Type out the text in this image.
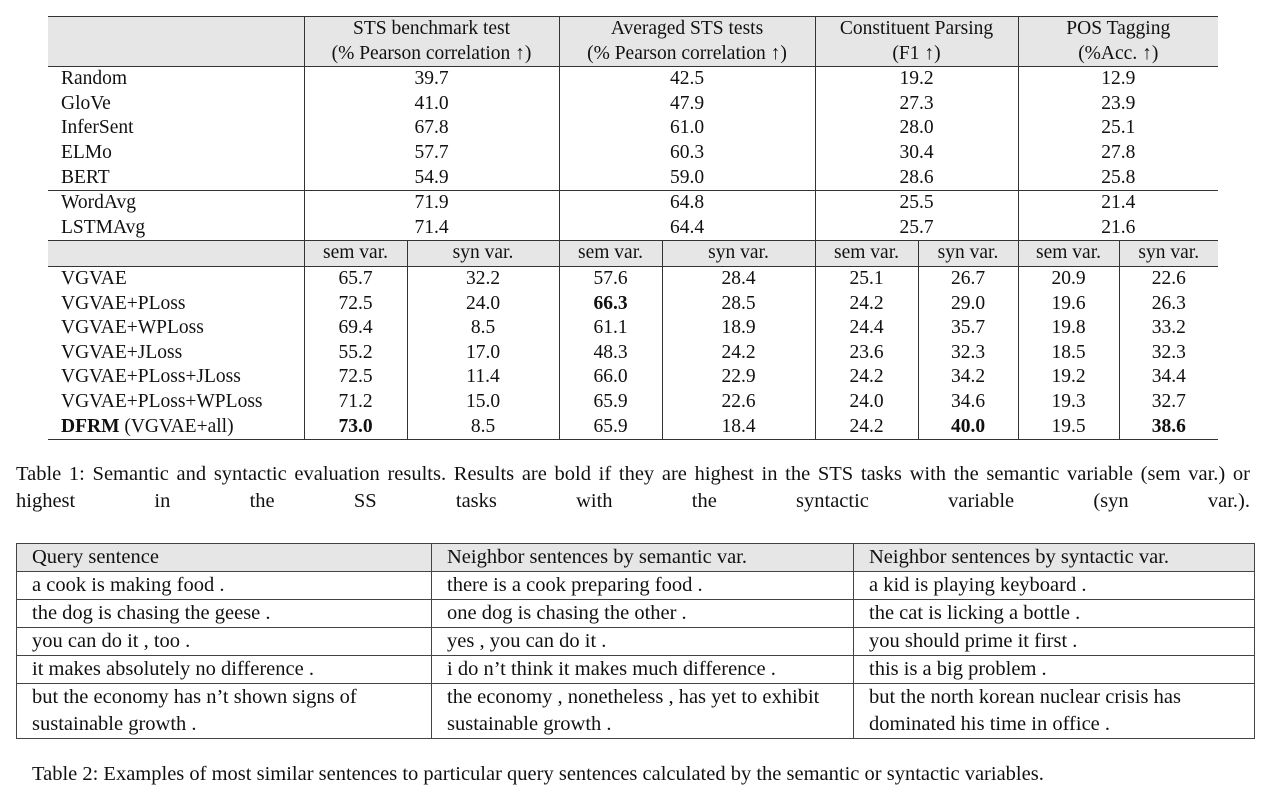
	STS benchmark test		Averaged STS tests		Constituent Parsing		POS Tagging	
	(% Pearson correlation ↑)		(% Pearson correlation ↑)		(F1 ↑)		(%Acc. ↑)	
Random	39.7		42.5		19.2		12.9	
GloVe	41.0		47.9		27.3		23.9	
InferSent	67.8		61.0		28.0		25.1	
ELMo	57.7		60.3		30.4		27.8	
BERT	54.9		59.0		28.6		25.8	
WordAvg	71.9		64.8		25.5		21.4	
LSTMAvg	71.4		64.4		25.7		21.6	
	sem var.	syn var.	sem var.	syn var.	sem var.	syn var.	sem var.	syn var.
VGVAE	65.7	32.2	57.6	28.4	25.1	26.7	20.9	22.6
VGVAE+PLoss	72.5	24.0	66.3	28.5	24.2	29.0	19.6	26.3
VGVAE+WPLoss	69.4	8.5	61.1	18.9	24.4	35.7	19.8	33.2
VGVAE+JLoss	55.2	17.0	48.3	24.2	23.6	32.3	18.5	32.3
VGVAE+PLoss+JLoss	72.5	11.4	66.0	22.9	24.2	34.2	19.2	34.4
VGVAE+PLoss+WPLoss	71.2	15.0	65.9	22.6	24.0	34.6	19.3	32.7
DFRM (VGVAE+all)	73.0	8.5	65.9	18.4	24.2	40.0	19.5	38.6
Table 1: Semantic and syntactic evaluation results. Results are bold if they are highest in the STS tasks with the semantic variable (sem var.) or highest in the SS tasks with the syntactic variable (syn var.).
Query sentence	Neighbor sentences by semantic var.	Neighbor sentences by syntactic var.
a cook is making food .	there is a cook preparing food .	a kid is playing keyboard .
the dog is chasing the geese .	one dog is chasing the other .	the cat is licking a bottle .
you can do it , too .	yes , you can do it .	you should prime it first .
it makes absolutely no difference .	i do n’t think it makes much difference .	this is a big problem .
but the economy has n’t shown signs of sustainable growth .	the economy , nonetheless , has yet to exhibit sustainable growth .	but the north korean nuclear crisis has dominated his time in office .
Table 2: Examples of most similar sentences to particular query sentences calculated by the semantic or syntactic variables.
